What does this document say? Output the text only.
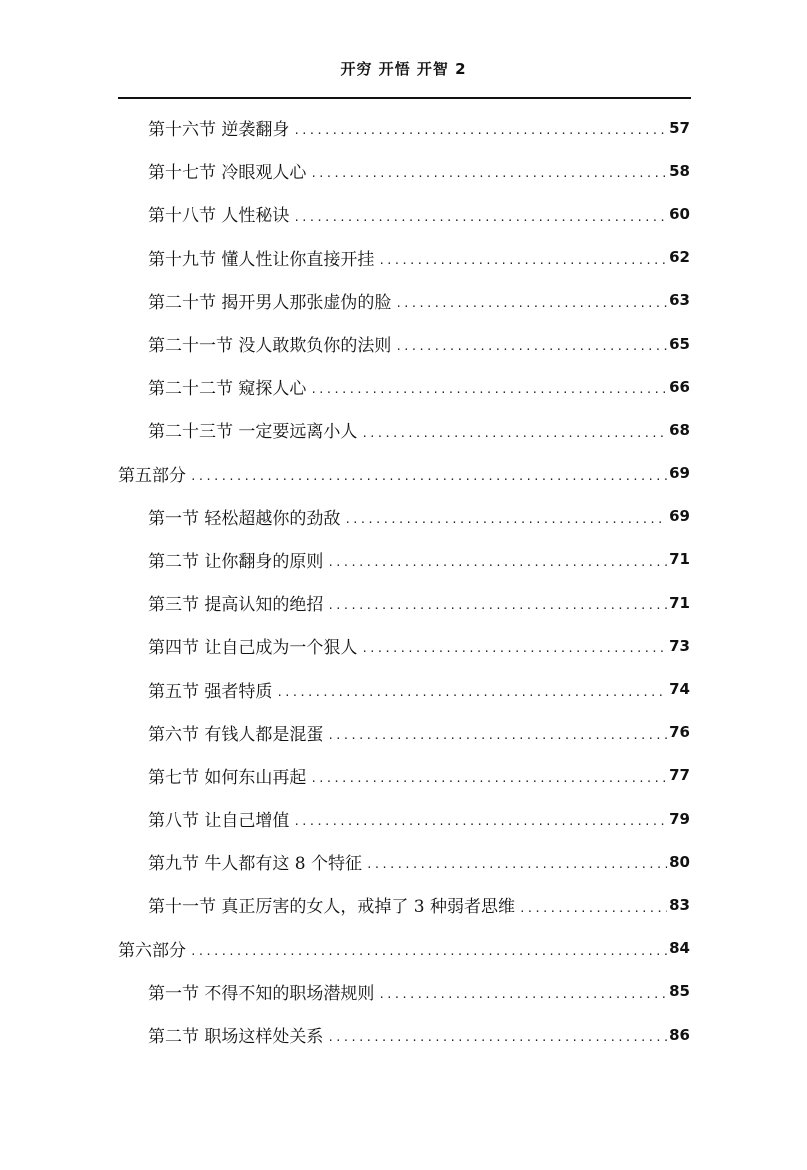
开穷 开悟 开智 2
第十六节 逆袭翻身 .....	57
第十七节 冷眼观人心 .....	58
第十八节 人性秘诀 .....	60
第十九节 懂人性让你直接开挂 .....	62
第二十节 揭开男人那张虚伪的脸 .....	63
第二十一节 没人敢欺负你的法则 .....	65
第二十二节 窥探人心 .....	66
第二十三节 一定要远离小人 .....	68
第五部分 .....	69
第一节 轻松超越你的劲敌 .....	69
第二节 让你翻身的原则 .....	71
第三节 提高认知的绝招 .....	71
第四节 让自己成为一个狠人 .....	73
第五节 强者特质 .....	74
第六节 有钱人都是混蛋 .....	76
第七节 如何东山再起 .....	77
第八节 让自己增值 .....	79
第九节 牛人都有这 8 个特征 .....	80
第十一节 真正厉害的女人，戒掉了 3 种弱者思维 .....	83
第六部分 .....	84
第一节 不得不知的职场潜规则 .....	85
第二节 职场这样处关系 .....	86
